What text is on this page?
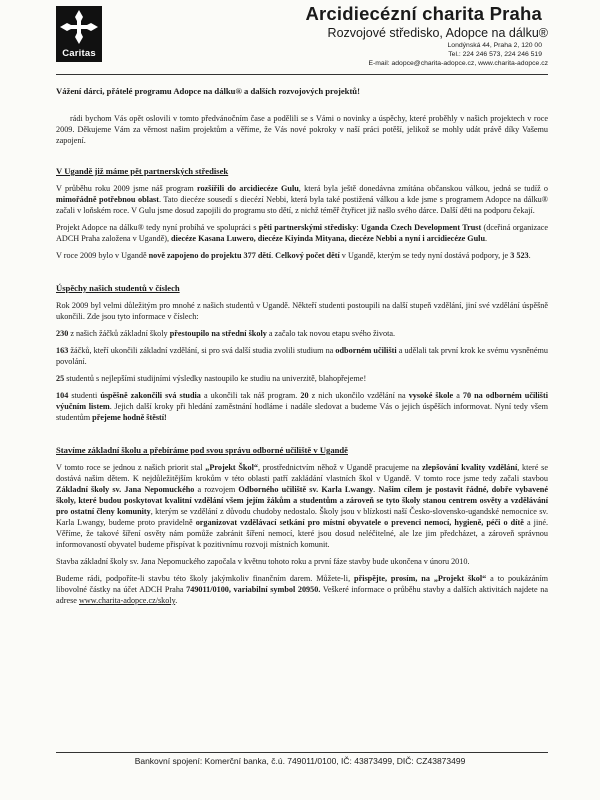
Caritas
Arcidiecézní charita Praha
Rozvojové středisko, Adopce na dálku®
Londýnská 44, Praha 2, 120 00
Tel.: 224 246 573, 224 246 519
E-mail: adopce@charita-adopce.cz, www.charita-adopce.cz

Vážení dárci, přátelé programu Adopce na dálku® a dalších rozvojových projektů!

rádi bychom Vás opět oslovili v tomto předvánočním čase a podělili se s Vámi o novinky a úspěchy, které proběhly v našich projektech v roce 2009. Děkujeme Vám za věrnost našim projektům a věříme, že Vás nové pokroky v naší práci potěší, jelikož se mohly udát právě díky Vašemu zapojení.

V Ugandě již máme pět partnerských středisek

V průběhu roku 2009 jsme náš program rozšířili do arcidiecéze Gulu, která byla ještě donedávna zmítána občanskou válkou, jedná se tudíž o mimořádně potřebnou oblast. Tato diecéze sousedí s diecézí Nebbi, která byla také postižená válkou a kde jsme s programem Adopce na dálku® začali v loňském roce. V Gulu jsme dosud zapojili do programu sto dětí, z nichž téměř čtyřicet již našlo svého dárce. Další děti na podporu čekají.

Projekt Adopce na dálku® tedy nyní probíhá ve spolupráci s pěti partnerskými středisky: Uganda Czech Development Trust (dceřiná organizace ADCH Praha založena v Ugandě), diecéze Kasana Luwero, diecéze Kiyinda Mityana, diecéze Nebbi a nyní i arcidiecéze Gulu.

V roce 2009 bylo v Ugandě nově zapojeno do projektu 377 dětí. Celkový počet dětí v Ugandě, kterým se tedy nyní dostává podpory, je 3 523.

Úspěchy našich studentů v číslech

Rok 2009 byl velmi důležitým pro mnohé z našich studentů v Ugandě. Někteří studenti postoupili na další stupeň vzdělání, jiní své vzdělání úspěšně ukončili. Zde jsou tyto informace v číslech:

230 z našich žáčků základní školy přestoupilo na střední školy a začalo tak novou etapu svého života.

163 žáčků, kteří ukončili základní vzdělání, si pro svá další studia zvolili studium na odborném učilišti a udělali tak první krok ke svému vysněnému povolání.

25 studentů s nejlepšími studijními výsledky nastoupilo ke studiu na univerzitě, blahopřejeme!

104 studenti úspěšně zakončili svá studia a ukončili tak náš program. 20 z nich ukončilo vzdělání na vysoké škole a 70 na odborném učilišti výučním listem. Jejich další kroky při hledání zaměstnání hodláme i nadále sledovat a budeme Vás o jejich úspěších informovat. Nyní tedy všem studentům přejeme hodně štěstí!

Stavíme základní školu a přebíráme pod svou správu odborné učiliště v Ugandě

V tomto roce se jednou z našich priorit stal „Projekt Škol“, prostřednictvím něhož v Ugandě pracujeme na zlepšování kvality vzdělání, které se dostává našim dětem. K nejdůležitějším krokům v této oblasti patří zakládání vlastních škol v Ugandě. V tomto roce jsme tedy začali stavbou Základní školy sv. Jana Nepomuckého a rozvojem Odborného učiliště sv. Karla Lwangy. Našim cílem je postavit řádné, dobře vybavené školy, které budou poskytovat kvalitní vzdělání všem jejím žákům a studentům a zároveň se tyto školy stanou centrem osvěty a vzdělávání pro ostatní členy komunity, kterým se vzdělání z důvodu chudoby nedostalo. Školy jsou v blízkosti naší Česko-slovensko-ugandské nemocnice sv. Karla Lwangy, budeme proto pravidelně organizovat vzdělávací setkání pro místní obyvatele o prevenci nemocí, hygieně, péči o dítě a jiné. Věříme, že takové šíření osvěty nám pomůže zabránit šíření nemocí, které jsou dosud neléčitelné, ale lze jim předcházet, a zároveň správnou informovaností obyvatel budeme přispívat k pozitivnímu rozvoji místních komunit.

Stavba základní školy sv. Jana Nepomuckého započala v květnu tohoto roku a první fáze stavby bude ukončena v únoru 2010.

Budeme rádi, podpoříte-li stavbu této školy jakýmkoliv finančním darem. Můžete-li, přispějte, prosím, na „Projekt škol“ a to poukázáním libovolné částky na účet ADCH Praha 749011/0100, variabilní symbol 20950. Veškeré informace o průběhu stavby a dalších aktivitách najdete na adrese www.charita-adopce.cz/skoly.

Bankovní spojení: Komerční banka, č.ú. 749011/0100, IČ: 43873499, DIČ: CZ43873499
